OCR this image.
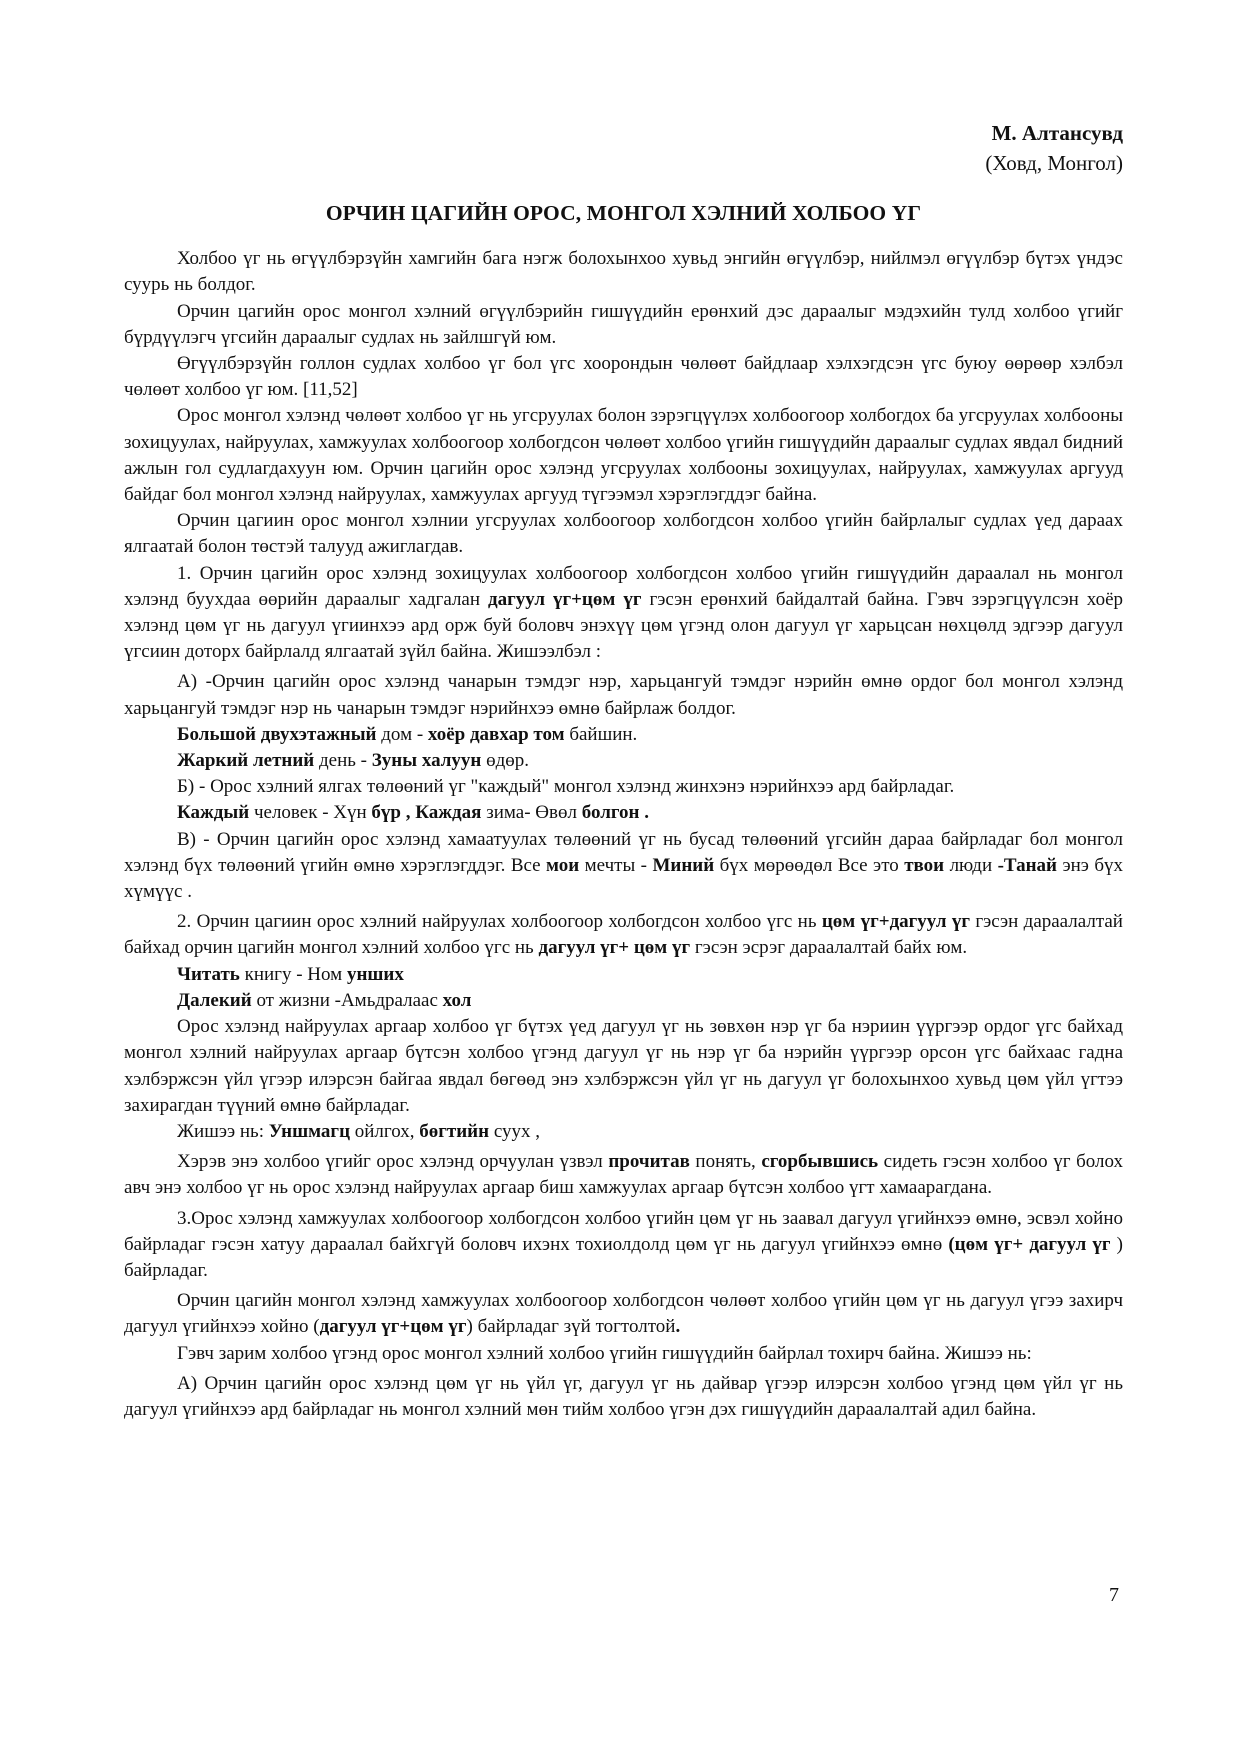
М. Алтансувд
(Ховд, Монгол)
ОРЧИН ЦАГИЙН ОРОС, МОНГОЛ ХЭЛНИЙ ХОЛБОО ҮГ

Холбоо үг нь өгүүлбэрзүйн хамгийн бага нэгж болохынхоо хувьд энгийн өгүүлбэр, нийлмэл өгүүлбэр бүтэх үндэс суурь нь болдог.

Орчин цагийн орос монгол хэлний өгүүлбэрийн гишүүдийн ерөнхий дэс дараалыг мэдэхийн тулд холбоо үгийг бүрдүүлэгч үгсийн дараалыг судлах нь зайлшгүй юм.

Өгүүлбэрзүйн голлон судлах холбоо үг бол үгс хоорондын чөлөөт байдлаар хэлхэгдсэн үгс буюу өөрөөр хэлбэл чөлөөт холбоо үг юм. [11,52]

Орос монгол хэлэнд чөлөөт холбоо үг нь угсруулах болон зэрэгцүүлэх холбоогоор холбогдох ба угсруулах холбооны зохицуулах, найруулах, хамжуулах холбоогоор холбогдсон чөлөөт холбоо үгийн гишүүдийн дараалыг судлах явдал бидний ажлын гол судлагдахуун юм. Орчин цагийн орос хэлэнд угсруулах холбооны зохицуулах, найруулах, хамжуулах аргууд байдаг бол монгол хэлэнд найруулах, хамжуулах аргууд түгээмэл хэрэглэгддэг байна.

Орчин цагиин орос монгол хэлнии угсруулах холбоогоор холбогдсон холбоо үгийн байрлалыг судлах үед дараах ялгаатай болон төстэй талууд ажиглагдав.

1. Орчин цагийн орос хэлэнд зохицуулах холбоогоор холбогдсон холбоо үгийн гишүүдийн дараалал нь монгол хэлэнд буухдаа өөрийн дараалыг хадгалан дагуул үг+цөм үг гэсэн ерөнхий байдалтай байна. Гэвч зэрэгцүүлсэн хоёр хэлэнд цөм үг нь дагуул үгиинхээ ард орж буй боловч энэхүү цөм үгэнд олон дагуул үг харьцсан нөхцөлд эдгээр дагуул үгсиин доторх байрлалд ялгаатай зүйл байна. Жишээлбэл :

А) -Орчин цагийн орос хэлэнд чанарын тэмдэг нэр, харьцангуй тэмдэг нэрийн өмнө ордог бол монгол хэлэнд харьцангуй тэмдэг нэр нь чанарын тэмдэг нэрийнхээ өмнө байрлаж болдог.

Большой двухэтажный дом - хоёр давхар том байшин.

Жаркий летний день - Зуны халуун өдөр.

Б) - Орос хэлний ялгах төлөөний үг "каждый" монгол хэлэнд жинхэнэ нэрийнхээ ард байрладаг.

Каждый человек - Хүн бүр , Каждая зима- Өвөл болгон .

В) - Орчин цагийн орос хэлэнд хамаатуулах төлөөний үг нь бусад төлөөний үгсийн дараа байрладаг бол монгол хэлэнд бүх төлөөний үгийн өмнө хэрэглэгддэг. Все мои мечты - Миний бүх мөрөөдөл Все это твои люди -Танай энэ бүх хүмүүс .

2. Орчин цагиин орос хэлний найруулах холбоогоор холбогдсон холбоо үгс нь цөм үг+дагуул үг гэсэн дараалалтай байхад орчин цагийн монгол хэлний холбоо үгс нь дагуул үг+ цөм үг гэсэн эсрэг дараалалтай байх юм.

Читать книгу - Ном унших

Далекий от жизни -Амьдралаас хол

Орос хэлэнд найруулах аргаар холбоо үг бүтэх үед дагуул үг нь зөвхөн нэр үг ба нэриин үүргээр ордог үгс байхад монгол хэлний найруулах аргаар бүтсэн холбоо үгэнд дагуул үг нь нэр үг ба нэрийн үүргээр орсон үгс байхаас гадна хэлбэржсэн үйл үгээр илэрсэн байгаа явдал бөгөөд энэ хэлбэржсэн үйл үг нь дагуул үг болохынхоо хувьд цөм үйл үгтээ захирагдан түүний өмнө байрладаг.

Жишээ нь: Уншмагц ойлгох, бөгтийн суух ,

Хэрэв энэ холбоо үгийг орос хэлэнд орчуулан үзвэл прочитав понять, сгорбывшись сидеть гэсэн холбоо үг болох авч энэ холбоо үг нь орос хэлэнд найруулах аргаар биш хамжуулах аргаар бүтсэн холбоо үгт хамаарагдана.

3.Орос хэлэнд хамжуулах холбоогоор холбогдсон холбоо үгийн цөм үг нь заавал дагуул үгийнхээ өмнө, эсвэл хойно байрладаг гэсэн хатуу дараалал байхгүй боловч ихэнх тохиолдолд цөм үг нь дагуул үгийнхээ өмнө (цөм үг+ дагуул үг ) байрладаг.

Орчин цагийн монгол хэлэнд хамжуулах холбоогоор холбогдсон чөлөөт холбоо үгийн цөм үг нь дагуул үгээ захирч дагуул үгийнхээ хойно (дагуул үг+цөм үг) байрладаг зүй тогтолтой.

Гэвч зарим холбоо үгэнд орос монгол хэлний холбоо үгийн гишүүдийн байрлал тохирч байна. Жишээ нь:

А) Орчин цагийн орос хэлэнд цөм үг нь үйл үг, дагуул үг нь дайвар үгээр илэрсэн холбоо үгэнд цөм үйл үг нь дагуул үгийнхээ ард байрладаг нь монгол хэлний мөн тийм холбоо үгэн дэх гишүүдийн дараалалтай адил байна.

7
